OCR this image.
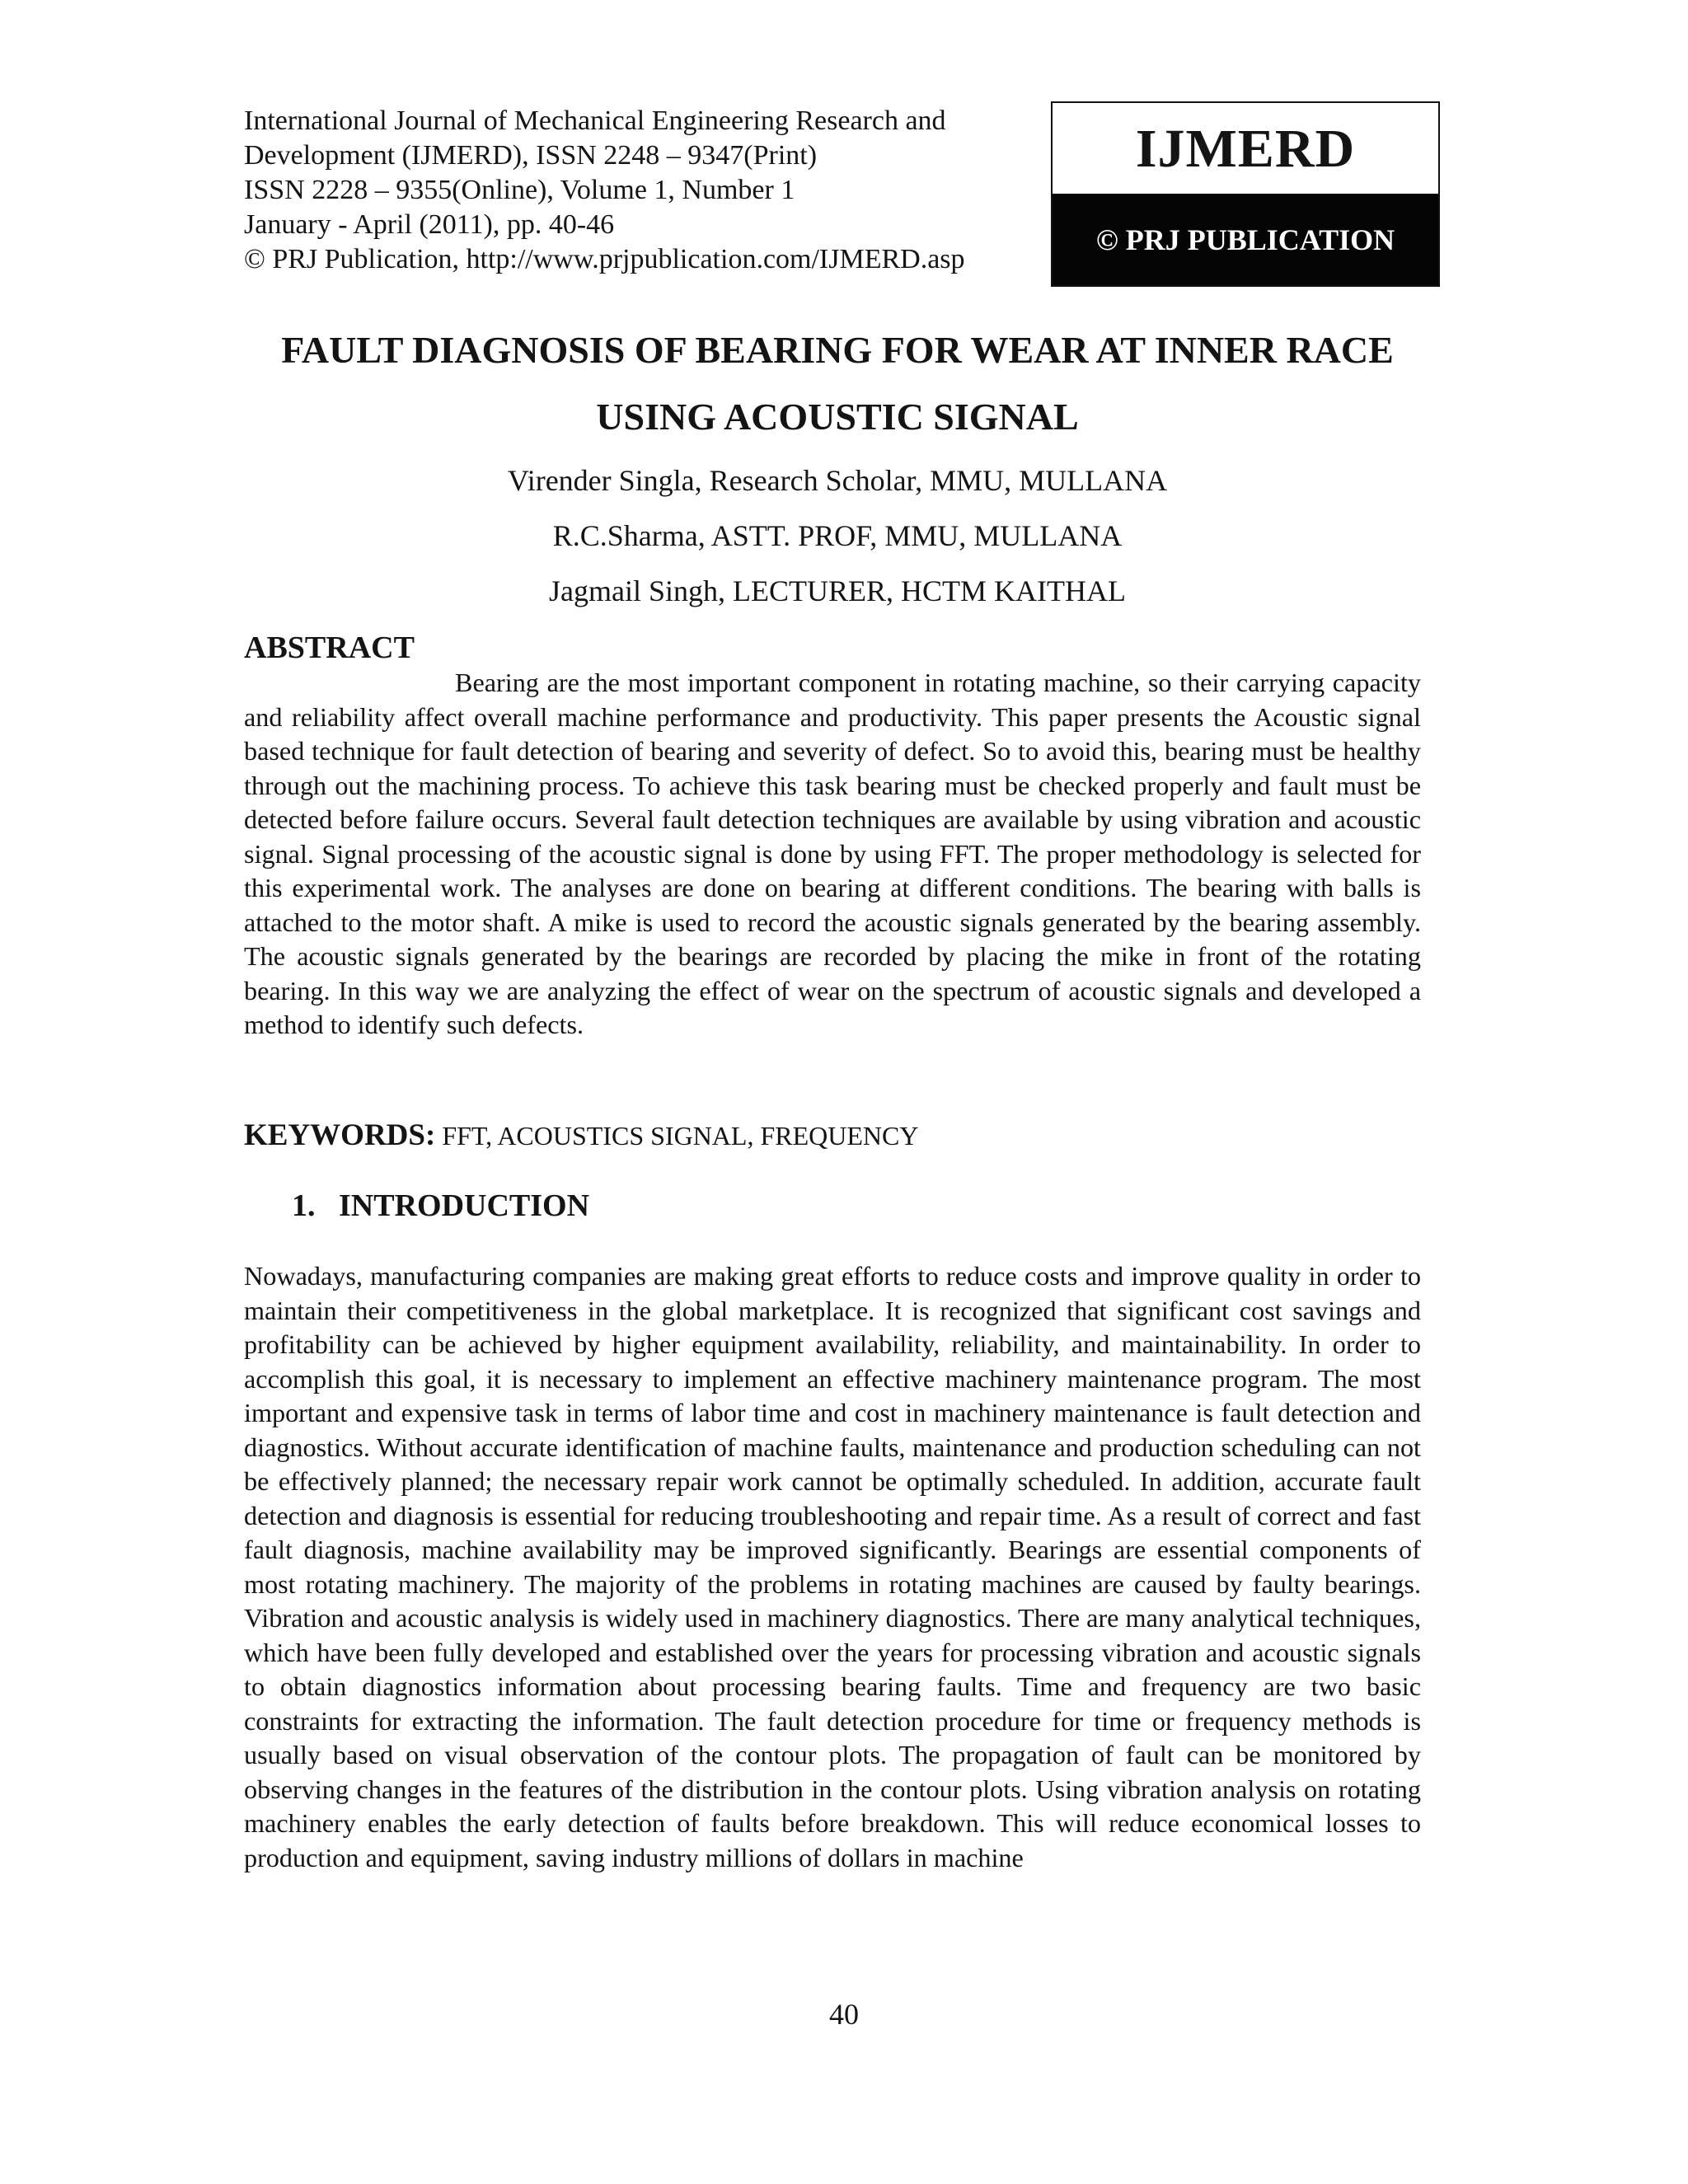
International Journal of Mechanical Engineering Research and
Development (IJMERD), ISSN 2248 – 9347(Print)
ISSN 2228 – 9355(Online), Volume 1, Number 1
January - April (2011), pp. 40-46
© PRJ Publication, http://www.prjpublication.com/IJMERD.asp
IJMERD
© PRJ PUBLICATION
FAULT DIAGNOSIS OF BEARING FOR WEAR AT INNER RACE
USING ACOUSTIC SIGNAL
Virender Singla, Research Scholar, MMU, MULLANA
R.C.Sharma, ASTT. PROF, MMU, MULLANA
Jagmail Singh, LECTURER, HCTM KAITHAL
ABSTRACT

Bearing are the most important component in rotating machine, so their carrying capacity and reliability affect overall machine performance and productivity. This paper presents the Acoustic signal based technique for fault detection of bearing and severity of defect. So to avoid this, bearing must be healthy through out the machining process. To achieve this task bearing must be checked properly and fault must be detected before failure occurs. Several fault detection techniques are available by using vibration and acoustic signal. Signal processing of the acoustic signal is done by using FFT. The proper methodology is selected for this experimental work. The analyses are done on bearing at different conditions. The bearing with balls is attached to the motor shaft. A mike is used to record the acoustic signals generated by the bearing assembly. The acoustic signals generated by the bearings are recorded by placing the mike in front of the rotating bearing. In this way we are analyzing the effect of wear on the spectrum of acoustic signals and developed a method to identify such defects.

KEYWORDS: FFT, ACOUSTICS SIGNAL, FREQUENCY
1.  INTRODUCTION

Nowadays, manufacturing companies are making great efforts to reduce costs and improve quality in order to maintain their competitiveness in the global marketplace. It is recognized that significant cost savings and profitability can be achieved by higher equipment availability, reliability, and maintainability. In order to accomplish this goal, it is necessary to implement an effective machinery maintenance program. The most important and expensive task in terms of labor time and cost in machinery maintenance is fault detection and diagnostics. Without accurate identification of machine faults, maintenance and production scheduling can not be effectively planned; the necessary repair work cannot be optimally scheduled. In addition, accurate fault detection and diagnosis is essential for reducing troubleshooting and repair time. As a result of correct and fast fault diagnosis, machine availability may be improved significantly. Bearings are essential components of most rotating machinery. The majority of the problems in rotating machines are caused by faulty bearings. Vibration and acoustic analysis is widely used in machinery diagnostics. There are many analytical techniques, which have been fully developed and established over the years for processing vibration and acoustic signals to obtain diagnostics information about processing bearing faults. Time and frequency are two basic constraints for extracting the information. The fault detection procedure for time or frequency methods is usually based on visual observation of the contour plots. The propagation of fault can be monitored by observing changes in the features of the distribution in the contour plots. Using vibration analysis on rotating machinery enables the early detection of faults before breakdown. This will reduce economical losses to production and equipment, saving industry millions of dollars in machine

40
